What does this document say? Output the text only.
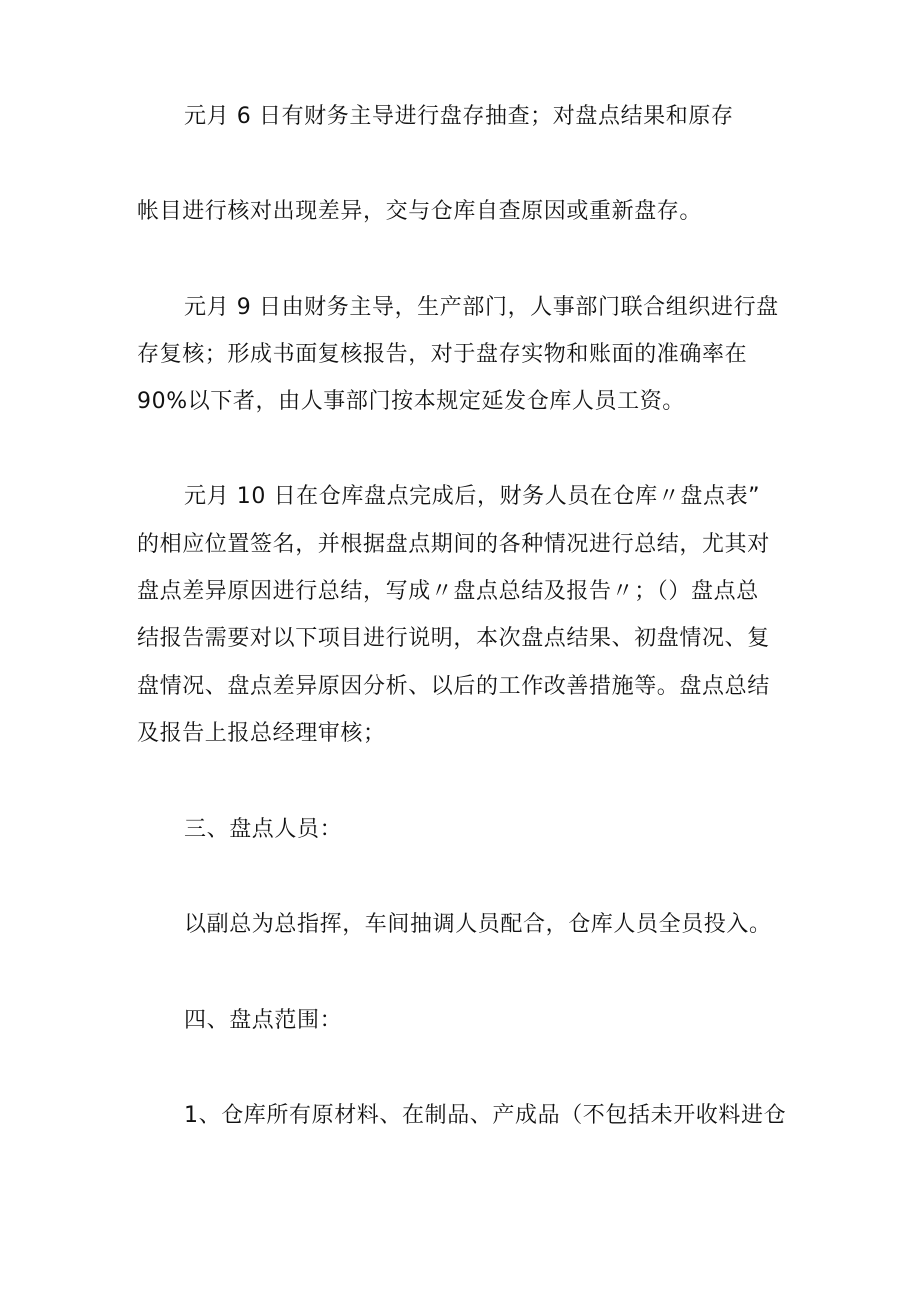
元月 6 日有财务主导进行盘存抽查；对盘点结果和原存
帐目进行核对出现差异，交与仓库自查原因或重新盘存。
元月 9 日由财务主导，生产部门，人事部门联合组织进行盘
存复核；形成书面复核报告，对于盘存实物和账面的准确率在
90%以下者，由人事部门按本规定延发仓库人员工资。
元月 10 日在仓库盘点完成后，财务人员在仓库〃盘点表”
的相应位置签名，并根据盘点期间的各种情况进行总结，尤其对
盘点差异原因进行总结，写成〃盘点总结及报告〃；（）盘点总
结报告需要对以下项目进行说明，本次盘点结果、初盘情况、复
盘情况、盘点差异原因分析、以后的工作改善措施等。盘点总结
及报告上报总经理审核；
三、盘点人员：
以副总为总指挥，车间抽调人员配合，仓库人员全员投入。
四、盘点范围：
1、仓库所有原材料、在制品、产成品（不包括未开收料进仓
